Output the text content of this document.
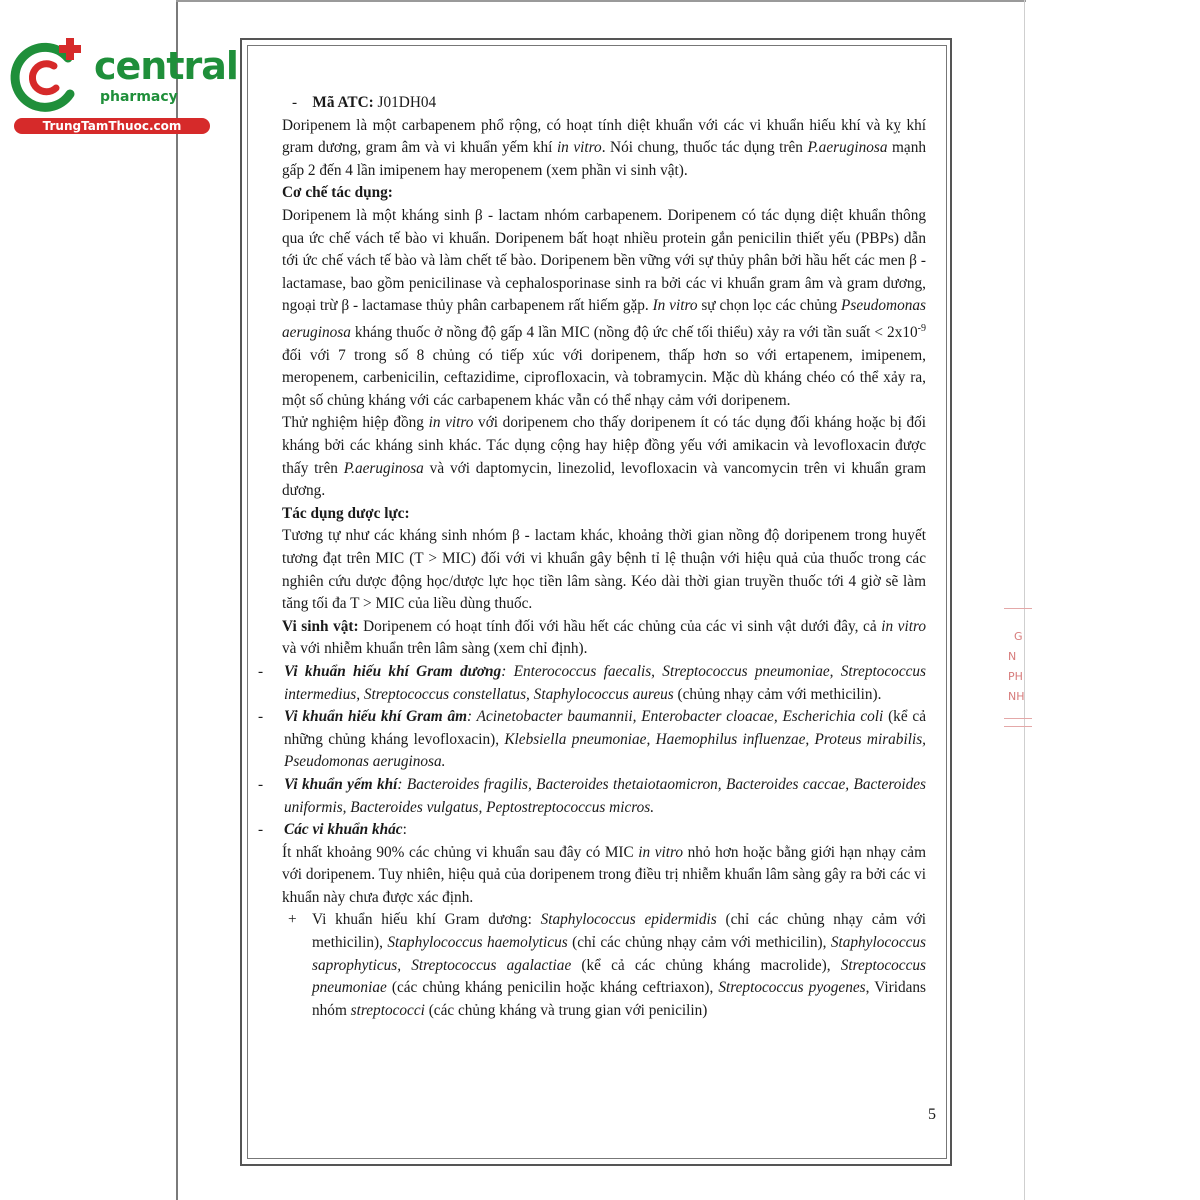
central
pharmacy
TrungTamThuoc.com
G
N
PH
NH

-    Mã ATC: J01DH04

Doripenem là một carbapenem phổ rộng, có hoạt tính diệt khuẩn với các vi khuẩn hiếu khí và kỵ khí gram dương, gram âm và vi khuẩn yếm khí in vitro. Nói chung, thuốc tác dụng trên P.aeruginosa mạnh gấp 2 đến 4 lần imipenem hay meropenem (xem phần vi sinh vật).

Cơ chế tác dụng:

Doripenem là một kháng sinh β - lactam nhóm carbapenem. Doripenem có tác dụng diệt khuẩn thông qua ức chế vách tế bào vi khuẩn. Doripenem bất hoạt nhiều protein gắn penicilin thiết yếu (PBPs) dẫn tới ức chế vách tế bào và làm chết tế bào. Doripenem bền vững với sự thủy phân bởi hầu hết các men β - lactamase, bao gồm penicilinase và cephalosporinase sinh ra bởi các vi khuẩn gram âm và gram dương, ngoại trừ β - lactamase thủy phân carbapenem rất hiếm gặp. In vitro sự chọn lọc các chủng Pseudomonas aeruginosa kháng thuốc ở nồng độ gấp 4 lần MIC (nồng độ ức chế tối thiểu) xảy ra với tần suất < $2x10^{-9}$ đối với 7 trong số 8 chủng có tiếp xúc với doripenem, thấp hơn so với ertapenem, imipenem, meropenem, carbenicilin, ceftazidime, ciprofloxacin, và tobramycin. Mặc dù kháng chéo có thể xảy ra, một số chủng kháng với các carbapenem khác vẫn có thể nhạy cảm với doripenem.

Thử nghiệm hiệp đồng in vitro với doripenem cho thấy doripenem ít có tác dụng đối kháng hoặc bị đối kháng bởi các kháng sinh khác. Tác dụng cộng hay hiệp đồng yếu với amikacin và levofloxacin được thấy trên P.aeruginosa và với daptomycin, linezolid, levofloxacin và vancomycin trên vi khuẩn gram dương.

Tác dụng dược lực:

Tương tự như các kháng sinh nhóm β - lactam khác, khoảng thời gian nồng độ doripenem trong huyết tương đạt trên MIC (T > MIC) đối với vi khuẩn gây bệnh tỉ lệ thuận với hiệu quả của thuốc trong các nghiên cứu dược động học/dược lực học tiền lâm sàng. Kéo dài thời gian truyền thuốc tới 4 giờ sẽ làm tăng tối đa T > MIC của liều dùng thuốc.

Vi sinh vật: Doripenem có hoạt tính đối với hầu hết các chủng của các vi sinh vật dưới đây, cả in vitro và với nhiễm khuẩn trên lâm sàng (xem chỉ định).

- Vi khuẩn hiếu khí Gram dương: Enterococcus faecalis, Streptococcus pneumoniae, Streptococcus intermedius, Streptococcus constellatus, Staphylococcus aureus (chủng nhạy cảm với methicilin).

- Vi khuẩn hiếu khí Gram âm: Acinetobacter baumannii, Enterobacter cloacae, Escherichia coli (kể cả những chủng kháng levofloxacin), Klebsiella pneumoniae, Haemophilus influenzae, Proteus mirabilis, Pseudomonas aeruginosa.

- Vi khuẩn yếm khí: Bacteroides fragilis, Bacteroides thetaiotaomicron, Bacteroides caccae, Bacteroides uniformis, Bacteroides vulgatus, Peptostreptococcus micros.

- Các vi khuẩn khác:

Ít nhất khoảng 90% các chủng vi khuẩn sau đây có MIC in vitro nhỏ hơn hoặc bằng giới hạn nhạy cảm với doripenem. Tuy nhiên, hiệu quả của doripenem trong điều trị nhiễm khuẩn lâm sàng gây ra bởi các vi khuẩn này chưa được xác định.

+ Vi khuẩn hiếu khí Gram dương: Staphylococcus epidermidis (chỉ các chủng nhạy cảm với methicilin), Staphylococcus haemolyticus (chỉ các chủng nhạy cảm với methicilin), Staphylococcus saprophyticus, Streptococcus agalactiae (kể cả các chủng kháng macrolide), Streptococcus pneumoniae (các chủng kháng penicilin hoặc kháng ceftriaxon), Streptococcus pyogenes, Viridans nhóm streptococci (các chủng kháng và trung gian với penicilin)

5
